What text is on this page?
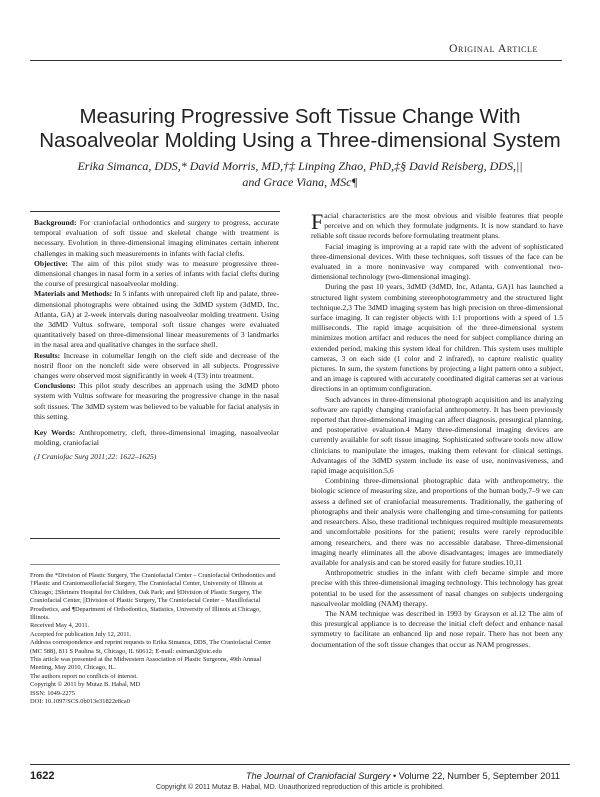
Original Article
Measuring Progressive Soft Tissue Change With Nasoalveolar Molding Using a Three-dimensional System
Erika Simanca, DDS,* David Morris, MD,†‡ Linping Zhao, PhD,‡§ David Reisberg, DDS,||
and Grace Viana, MSc¶

Background: For craniofacial orthodontics and surgery to progress, accurate temporal evaluation of soft tissue and skeletal change with treatment is necessary. Evolution in three-dimensional imaging eliminates certain inherent challenges in making such measurements in infants with facial clefts.

Objective: The aim of this pilot study was to measure progressive three-dimensional changes in nasal form in a series of infants with facial clefts during the course of presurgical nasoalveolar molding.

Materials and Methods: In 5 infants with unrepaired cleft lip and palate, three-dimensional photographs were obtained using the 3dMD system (3dMD, Inc, Atlanta, GA) at 2-week intervals during nasoalveolar molding treatment. Using the 3dMD Vultus software, temporal soft tissue changes were evaluated quantitatively based on three-dimensional linear measurements of 3 landmarks in the nasal area and qualitative changes in the surface shell.

Results: Increase in columellar length on the cleft side and decrease of the nostril floor on the noncleft side were observed in all subjects. Progressive changes were observed most significantly in week 4 (T3) into treatment.

Conclusions: This pilot study describes an approach using the 3dMD photo system with Vultus software for measuring the progressive change in the nasal soft tissues. The 3dMD system was believed to be valuable for facial analysis in this setting.

Key Words: Anthropometry, cleft, three-dimensional imaging, nasoalveolar molding, craniofacial

(J Craniofac Surg 2011;22: 1622–1625)

Facial characteristics are the most obvious and visible features that people perceive and on which they formulate judgments. It is now standard to have reliable soft tissue records before formulating treatment plans.

Facial imaging is improving at a rapid rate with the advent of sophisticated three-dimensional devices. With these techniques, soft tissues of the face can be evaluated in a more noninvasive way compared with conventional two-dimensional technology (two-dimensional imaging).

During the past 10 years, 3dMD (3dMD, Inc, Atlanta, GA)1 has launched a structured light system combining stereophotogrammetry and the structured light technique.2,3 The 3dMD imaging system has high precision on three-dimensional surface imaging. It can register objects with 1:1 proportions with a speed of 1.5 milliseconds. The rapid image acquisition of the three-dimensional system minimizes motion artifact and reduces the need for subject compliance during an extended period, making this system ideal for children. This system uses multiple cameras, 3 on each side (1 color and 2 infrared), to capture realistic quality pictures. In sum, the system functions by projecting a light pattern onto a subject, and an image is captured with accurately coordinated digital cameras set at various directions in an optimum configuration.

Such advances in three-dimensional photograph acquisition and its analyzing software are rapidly changing craniofacial anthropometry. It has been previously reported that three-dimensional imaging can affect diagnosis, presurgical planning, and postoperative evaluation.4 Many three-dimensional imaging devices are currently available for soft tissue imaging. Sophisticated software tools now allow clinicians to manipulate the images, making them relevant for clinical settings. Advantages of the 3dMD system include its ease of use, noninvasiveness, and rapid image acquisition.5,6

Combining three-dimensional photographic data with anthropometry, the biologic science of measuring size, and proportions of the human body,7–9 we can assess a defined set of craniofacial measurements. Traditionally, the gathering of photographs and their analysis were challenging and time-consuming for patients and researchers. Also, these traditional techniques required multiple measurements and uncomfortable positions for the patient; results were rarely reproducible among researchers, and there was no accessible database. Three-dimensional imaging nearly eliminates all the above disadvantages; images are immediately available for analysis and can be stored easily for future studies.10,11

Anthropometric studies in the infant with cleft became simple and more precise with this three-dimensional imaging technology. This technology has great potential to be used for the assessment of nasal changes on subjects undergoing nasoalveolar molding (NAM) therapy.

The NAM technique was described in 1993 by Grayson et al.12 The aim of this presurgical appliance is to decrease the initial cleft defect and enhance nasal symmetry to facilitate an enhanced lip and nose repair. There has not been any documentation of the soft tissue changes that occur as NAM progresses.

From the *Division of Plastic Surgery, The Craniofacial Center – Craniofacial Orthodontics and †Plastic and Craniomaxillofacial Surgery, The Craniofacial Center, University of Illinois at Chicago; ‡Shriners Hospital for Children, Oak Park; and §Division of Plastic Surgery, The Craniofacial Center, ||Division of Plastic Surgery, The Craniofacial Center – Maxillofacial Prosthetics, and ¶Department of Orthodontics, Statistics, University of Illinois at Chicago, Illinois.
Received May 4, 2011.
Accepted for publication July 12, 2011.
Address correspondence and reprint requests to Erika Simanca, DDS, The Craniofacial Center (MC 588), 811 S Paulina St, Chicago, IL 60612; E-mail: esiman2@uic.edu
This article was presented at the Midwestern Association of Plastic Surgeons, 49th Annual Meeting, May 2010, Chicago, IL.
The authors report no conflicts of interest.
Copyright © 2011 by Mutaz B. Habal, MD
ISSN: 1049-2275
DOI: 10.1097/SCS.0b013e31822e8ca0
1622	The Journal of Craniofacial Surgery • Volume 22, Number 5, September 2011
Copyright © 2011 Mutaz B. Habal, MD. Unauthorized reproduction of this article is prohibited.
